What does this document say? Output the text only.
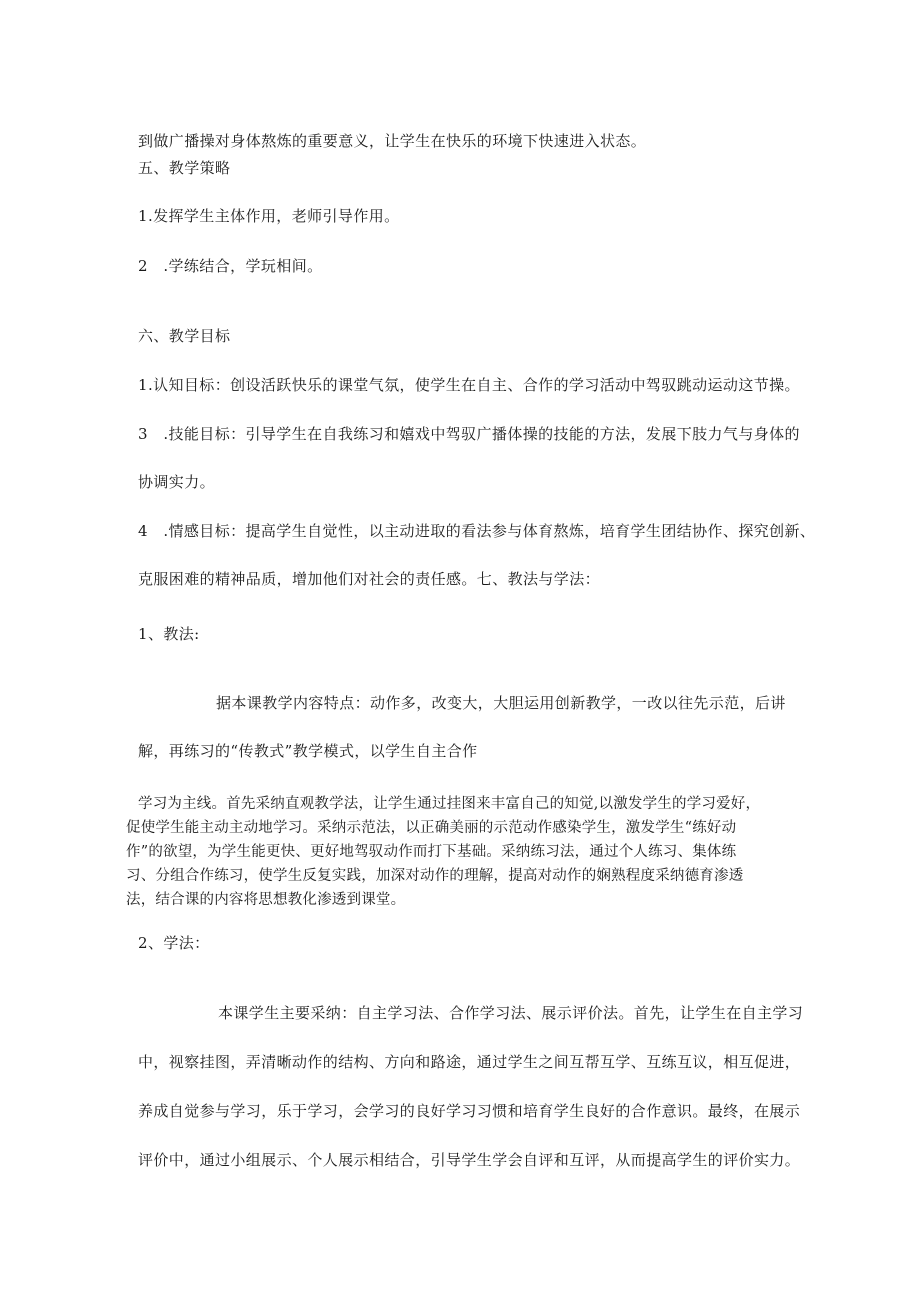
到做广播操对身体熬炼的重要意义，让学生在快乐的环境下快速进入状态。
五、教学策略
1.发挥学生主体作用，老师引导作用。
2　.学练结合，学玩相间。
六、教学目标
1.认知目标：创设活跃快乐的课堂气氛，使学生在自主、合作的学习活动中驾驭跳动运动这节操。
3　.技能目标：引导学生在自我练习和嬉戏中驾驭广播体操的技能的方法，发展下肢力气与身体的
协调实力。
4　.情感目标：提高学生自觉性，以主动进取的看法参与体育熬炼，培育学生团结协作、探究创新、
克服困难的精神品质，增加他们对社会的责任感。七、教法与学法：
1、教法:
据本课教学内容特点：动作多，改变大，大胆运用创新教学，一改以往先示范，后讲
解，再练习的“传教式”教学模式，以学生自主合作
学习为主线。首先采纳直观教学法，让学生通过挂图来丰富自己的知觉,以激发学生的学习爱好，
促使学生能主动主动地学习。采纳示范法，以正确美丽的示范动作感染学生，激发学生“练好动
作”的欲望，为学生能更快、更好地驾驭动作而打下基础。采纳练习法，通过个人练习、集体练
习、分组合作练习，使学生反复实践，加深对动作的理解，提高对动作的娴熟程度采纳德育渗透
法，结合课的内容将思想教化渗透到课堂。
2、学法：
本课学生主要采纳：自主学习法、合作学习法、展示评价法。首先，让学生在自主学习
中，视察挂图，弄清晰动作的结构、方向和路途，通过学生之间互帮互学、互练互议，相互促进，
养成自觉参与学习，乐于学习，会学习的良好学习习惯和培育学生良好的合作意识。最终，在展示
评价中，通过小组展示、个人展示相结合，引导学生学会自评和互评，从而提高学生的评价实力。
